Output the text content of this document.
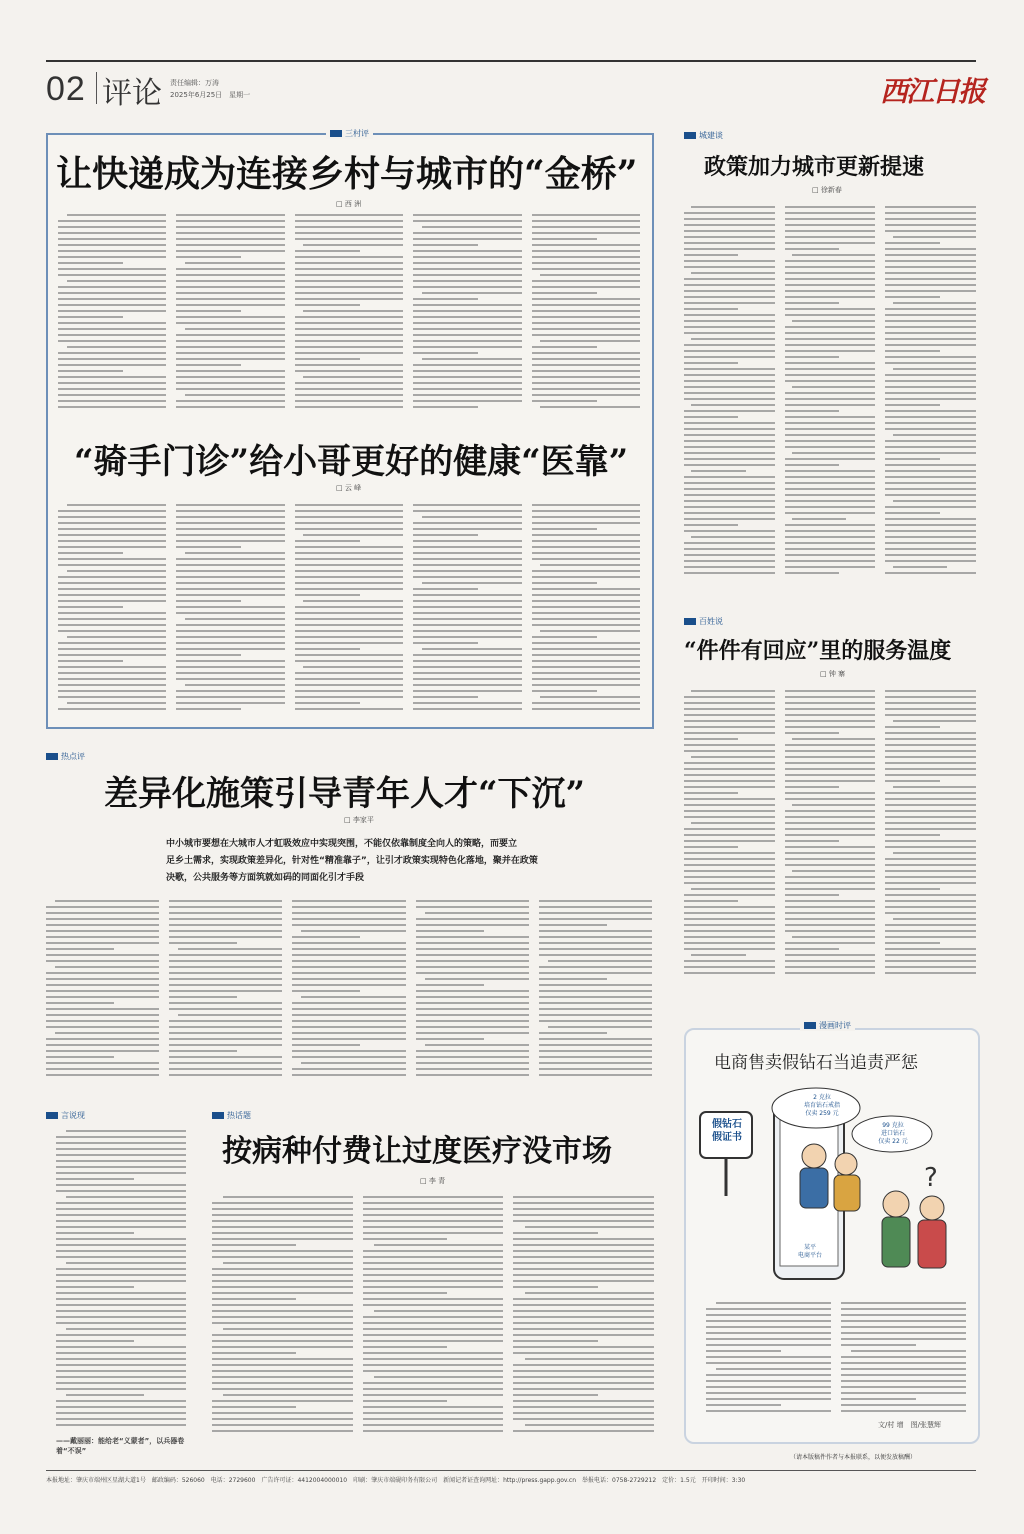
02 评论 责任编辑：万涛
2025年6月25日　星期一	西江日报
三村评
让快递成为连接乡村与城市的“金桥”
□ 西 洲
“骑手门诊”给小哥更好的健康“医靠”
□ 云 峰
城建谈
政策加力城市更新提速
□ 徐新春
百姓说
“件件有回应”里的服务温度
□ 钟 寨
热点评
差异化施策引导青年人才“下沉”
□ 李家平
中小城市要想在大城市人才虹吸效应中实现突围，不能仅依靠制度全向人的策略，而要立
足乡土需求，实现政策差异化，针对性“精准靠子”，让引才政策实现特色化落地，聚并在政策
决歌，公共服务等方面筑就如码的同面化引才手段
言说现
——戴丽丽：能给老“义蒙者”，以兵器卷着“不误”
热话题
按病种付费让过度医疗没市场
□ 李 青
漫画时评
电商售卖假钻石当追责严惩
?
假钻石
假证书
2 克拉
培育钻石戒指
仅卖 259 元
99 克拉
进口钻石
仅卖 22 元
某平
电商平台
文/村 增　图/张慧辉
（请本版稿件作者与本报联系，以便发放稿酬）
本报地址：肇庆市端州区星湖大道1号　邮政编码：526060　电话：2729600　广告许可证：4412004000010　印刷：肇庆市端砚印务有限公司　新闻记者证查询网址：http://press.gapp.gov.cn　举报电话：0758-2729212　定价：1.5元　开印时间：3:30
